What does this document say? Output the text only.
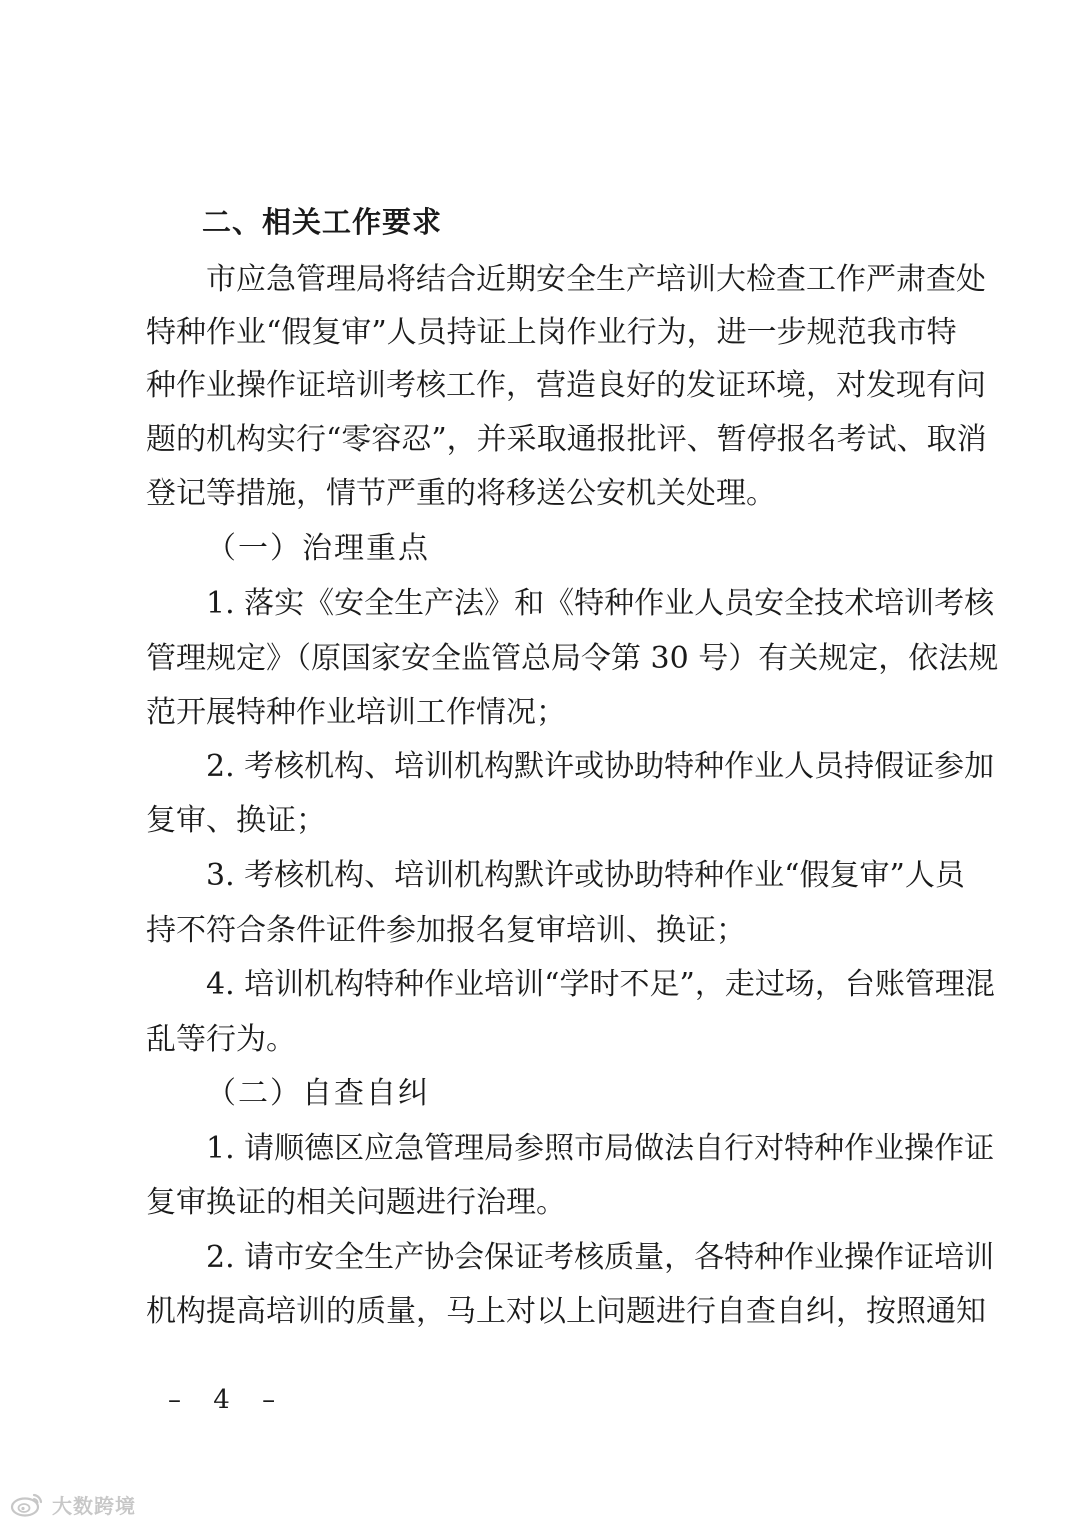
二、相关工作要求
市应急管理局将结合近期安全生产培训大检查工作严肃查处
特种作业“假复审”人员持证上岗作业行为，进一步规范我市特
种作业操作证培训考核工作，营造良好的发证环境，对发现有问
题的机构实行“零容忍”，并采取通报批评、暂停报名考试、取消
登记等措施，情节严重的将移送公安机关处理。
（一）治理重点
1. 落实《安全生产法》和《特种作业人员安全技术培训考核
管理规定》（原国家安全监管总局令第 30 号）有关规定，依法规
范开展特种作业培训工作情况；
2. 考核机构、培训机构默许或协助特种作业人员持假证参加
复审、换证；
3. 考核机构、培训机构默许或协助特种作业“假复审”人员
持不符合条件证件参加报名复审培训、换证；
4. 培训机构特种作业培训“学时不足”，走过场，台账管理混
乱等行为。
（二）自查自纠
1. 请顺德区应急管理局参照市局做法自行对特种作业操作证
复审换证的相关问题进行治理。
2. 请市安全生产协会保证考核质量，各特种作业操作证培训
机构提高培训的质量，马上对以上问题进行自查自纠，按照通知
– 4 –
大数跨境
